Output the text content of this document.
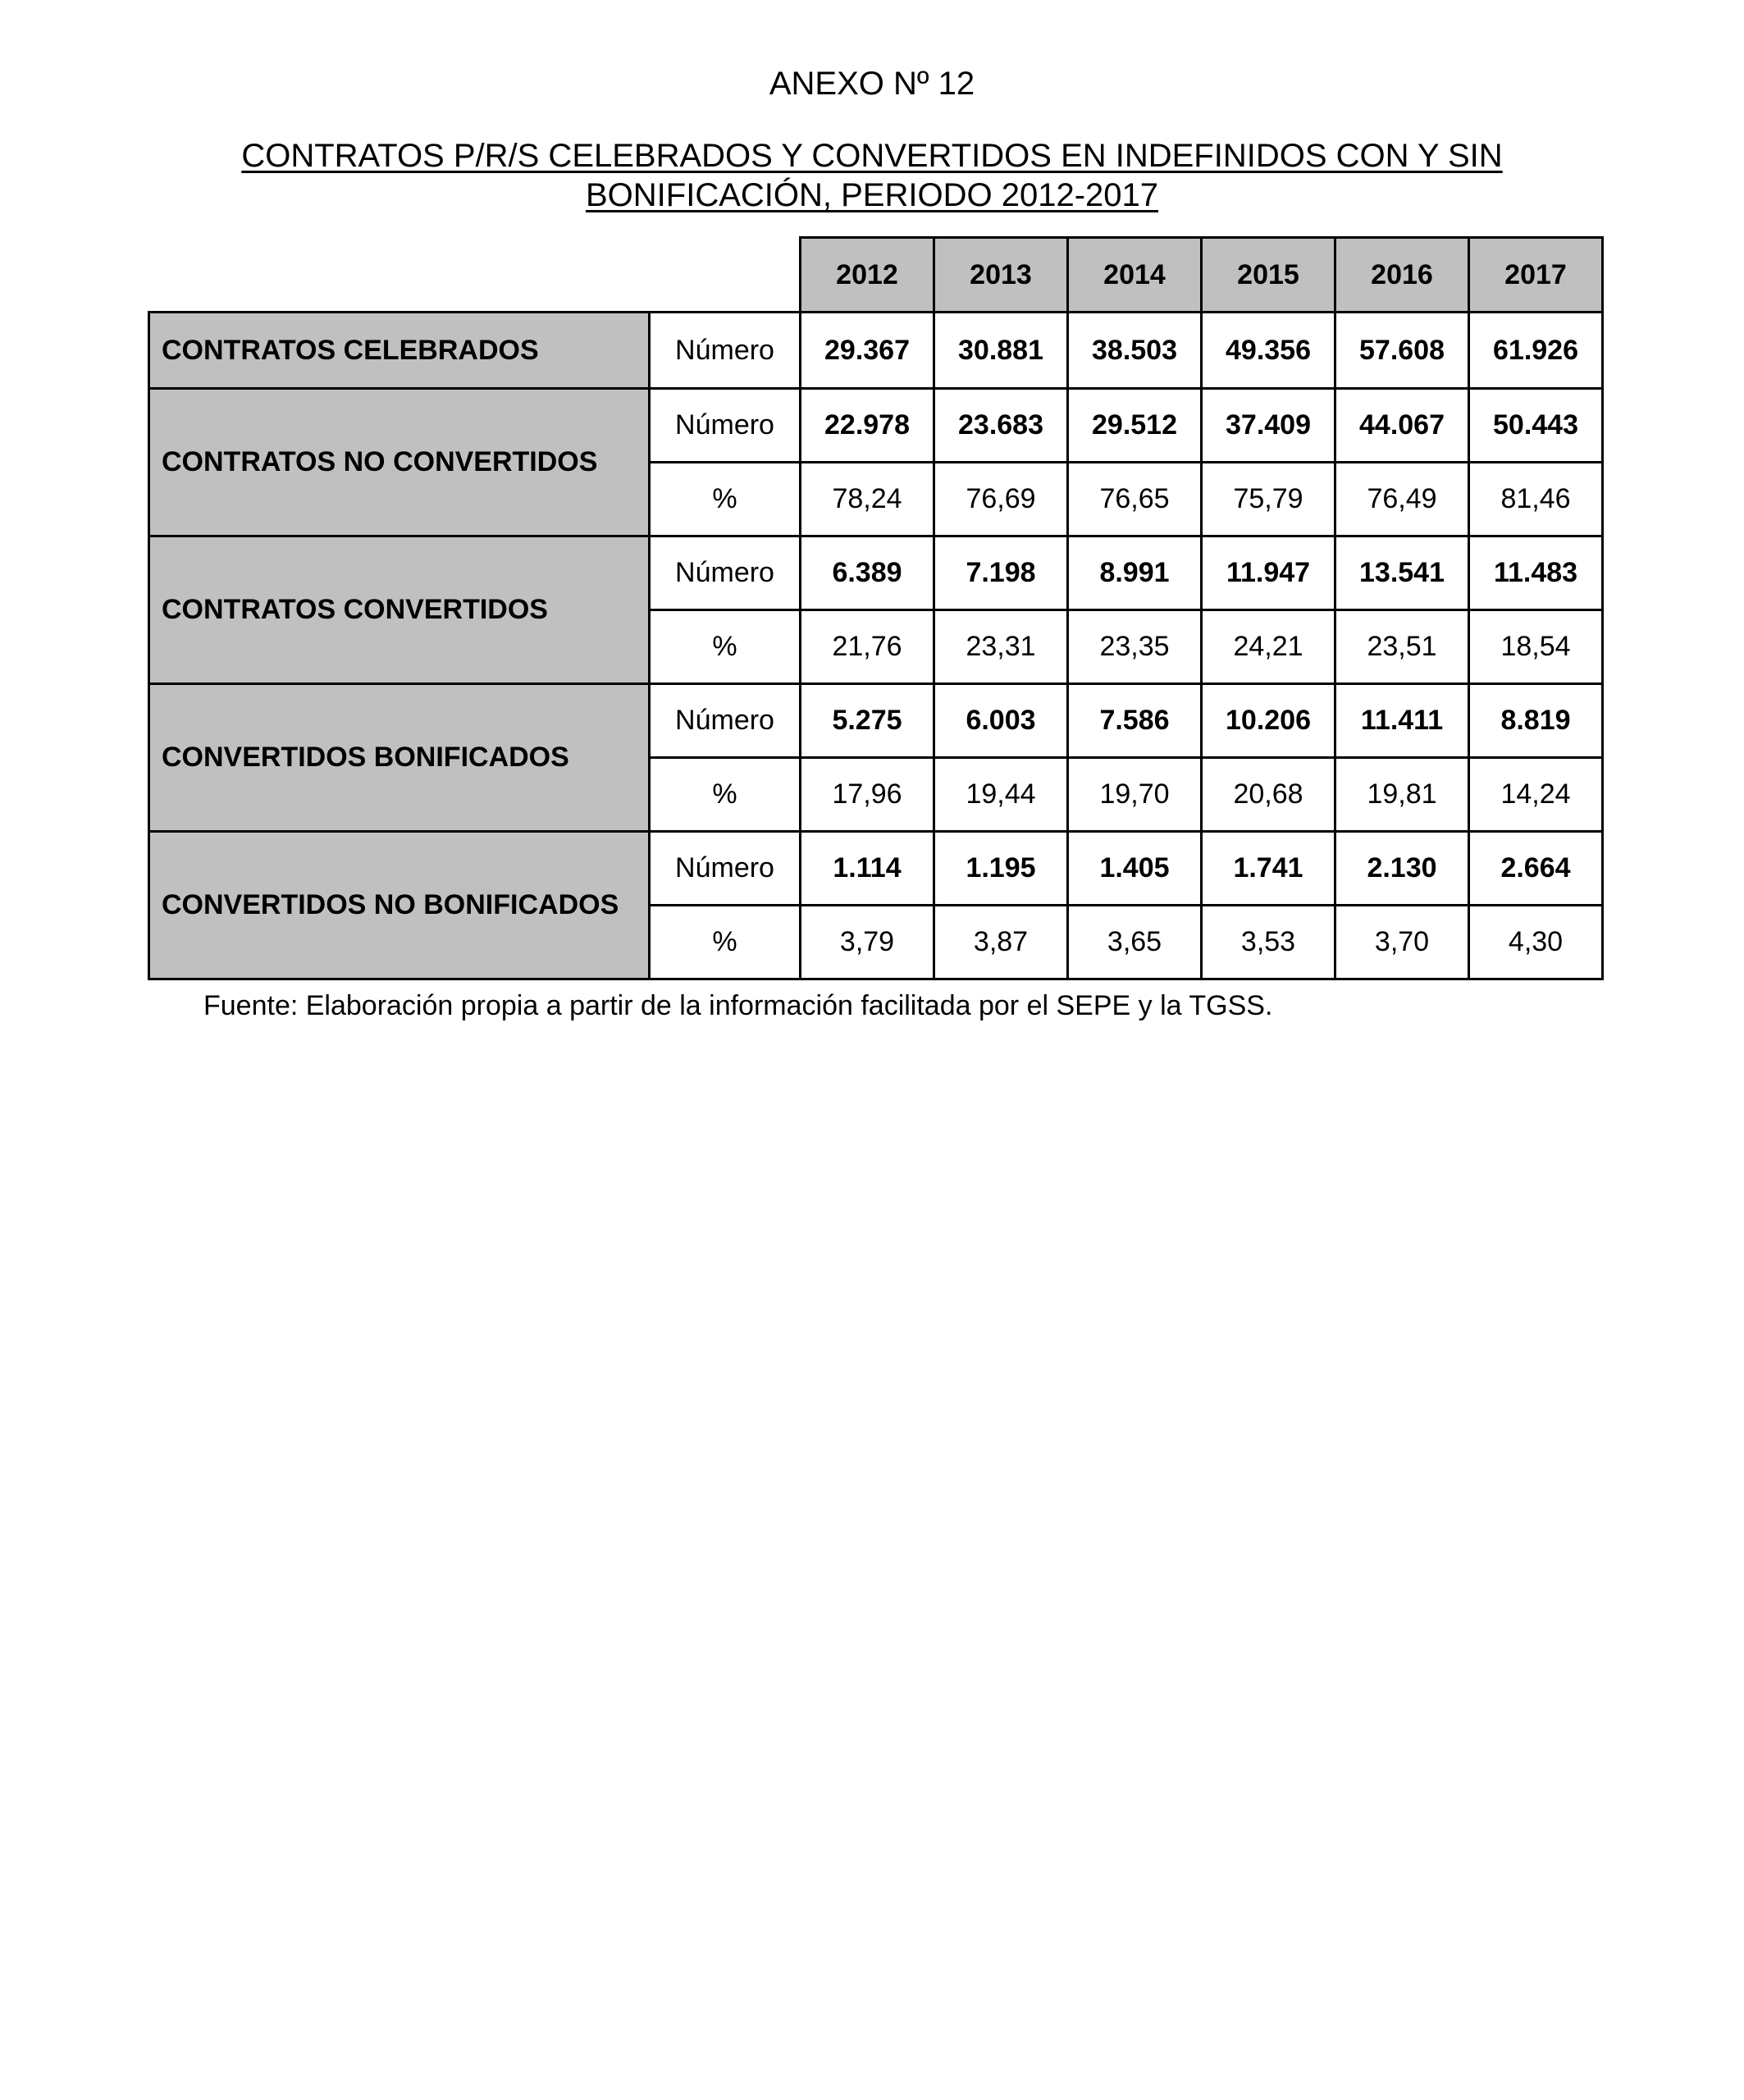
ANEXO Nº 12
CONTRATOS P/R/S CELEBRADOS Y CONVERTIDOS EN INDEFINIDOS CON Y SIN
BONIFICACIÓN, PERIODO 2012-2017
		2012	2013	2014	2015	2016	2017
CONTRATOS CELEBRADOS	Número	29.367	30.881	38.503	49.356	57.608	61.926
CONTRATOS NO CONVERTIDOS	Número	22.978	23.683	29.512	37.409	44.067	50.443
	%	78,24	76,69	76,65	75,79	76,49	81,46
CONTRATOS CONVERTIDOS	Número	6.389	7.198	8.991	11.947	13.541	11.483
	%	21,76	23,31	23,35	24,21	23,51	18,54
CONVERTIDOS BONIFICADOS	Número	5.275	6.003	7.586	10.206	11.411	8.819
	%	17,96	19,44	19,70	20,68	19,81	14,24
CONVERTIDOS NO BONIFICADOS	Número	1.114	1.195	1.405	1.741	2.130	2.664
	%	3,79	3,87	3,65	3,53	3,70	4,30
Fuente: Elaboración propia a partir de la información facilitada por el SEPE y la TGSS.
